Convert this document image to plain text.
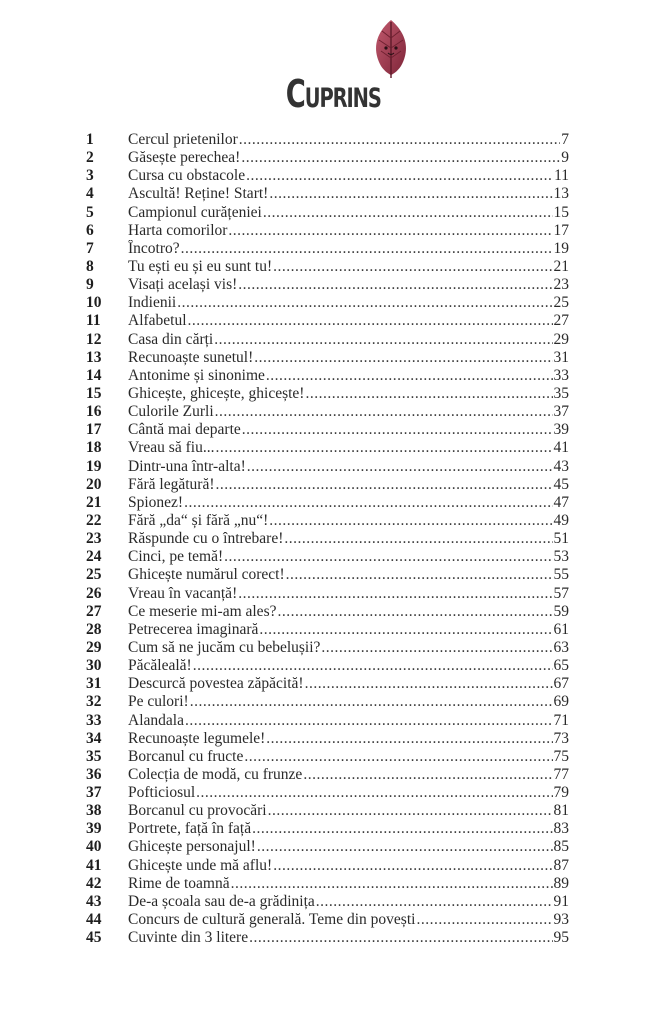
Cuprins
1	Cercul prietenilor .....	7
2	Găsește perechea! .....	9
3	Cursa cu obstacole .....	11
4	Ascultă! Reține! Start! .....	13
5	Campionul curățeniei .....	15
6	Harta comorilor .....	17
7	Încotro? .....	19
8	Tu ești eu și eu sunt tu! .....	21
9	Visați același vis! .....	23
10	Indienii .....	25
11	Alfabetul .....	27
12	Casa din cărți .....	29
13	Recunoaște sunetul! .....	31
14	Antonime și sinonime .....	33
15	Ghicește, ghicește, ghicește! .....	35
16	Culorile Zurli .....	37
17	Cântă mai departe .....	39
18	Vreau să fiu... .....	41
19	Dintr-una într-alta! .....	43
20	Fără legătură! .....	45
21	Spionez! .....	47
22	Fără „da“ și fără „nu“! .....	49
23	Răspunde cu o întrebare! .....	51
24	Cinci, pe temă! .....	53
25	Ghicește numărul corect! .....	55
26	Vreau în vacanță! .....	57
27	Ce meserie mi-am ales? .....	59
28	Petrecerea imaginară .....	61
29	Cum să ne jucăm cu bebelușii? .....	63
30	Păcăleală! .....	65
31	Descurcă povestea zăpăcită! .....	67
32	Pe culori! .....	69
33	Alandala .....	71
34	Recunoaște legumele! .....	73
35	Borcanul cu fructe .....	75
36	Colecția de modă, cu frunze .....	77
37	Pofticiosul .....	79
38	Borcanul cu provocări .....	81
39	Portrete, față în față .....	83
40	Ghicește personajul! .....	85
41	Ghicește unde mă aflu! .....	87
42	Rime de toamnă .....	89
43	De-a școala sau de-a grădinița .....	91
44	Concurs de cultură generală. Teme din povești .....	93
45	Cuvinte din 3 litere .....	95
